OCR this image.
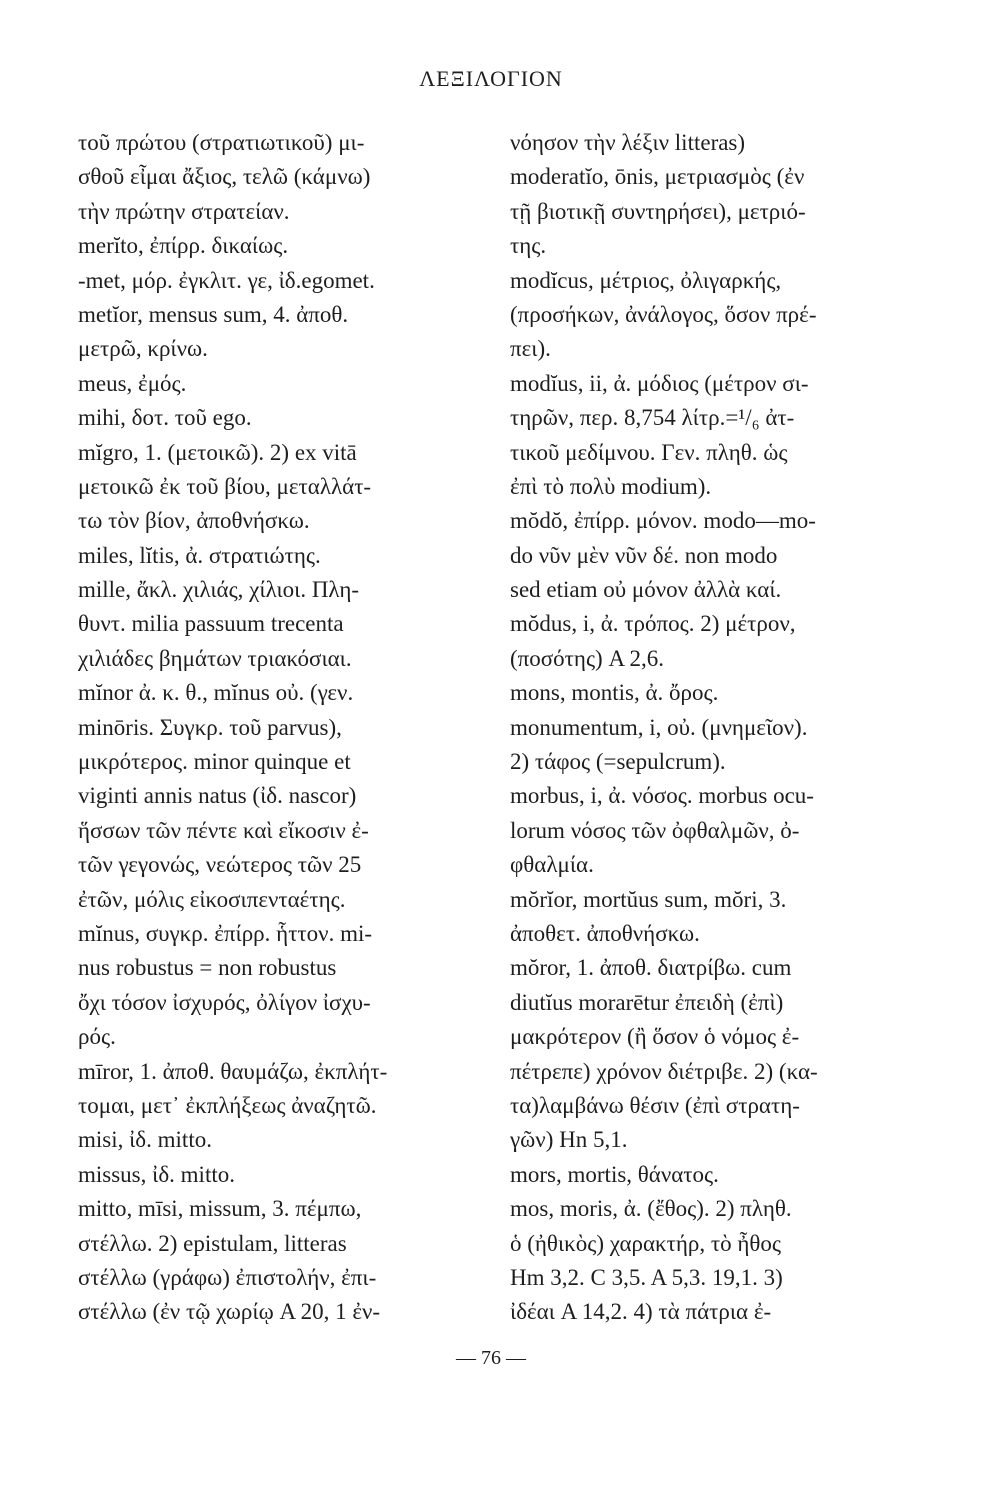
ΛΕΞΙΛΟΓΙΟΝ
τοῦ πρώτου (στρατιωτικοῦ) μι-
σθοῦ εἶμαι ἄξιος, τελῶ (κάμνω)
τὴν πρώτην στρατείαν.
merĭto, ἐπίρρ. δικαίως.
-met, μόρ. ἐγκλιτ. γε, ἰδ.egomet.
metĭor, mensus sum, 4. ἀποθ.
μετρῶ, κρίνω.
meus, ἐμός.
mihi, δοτ. τοῦ ego.
mĭgro, 1. (μετοικῶ). 2) ex vitā
μετοικῶ ἐκ τοῦ βίου, μεταλλάτ-
τω τὸν βίον, ἀποθνήσκω.
miles, lĭtis, ἀ. στρατιώτης.
mille, ἄκλ. χιλιάς, χίλιοι. Πλη-
θυντ. milia passuum trecenta
χιλιάδες βημάτων τριακόσιαι.
mĭnor ἀ. κ. θ., mĭnus οὐ. (γεν.
minōris. Συγκρ. τοῦ parvus),
μικρότερος. minor quinque et
viginti annis natus (ἰδ. nascor)
ἥσσων τῶν πέντε καὶ εἴκοσιν ἐ-
τῶν γεγονώς, νεώτερος τῶν 25
ἐτῶν, μόλις εἰκοσιπενταέτης.
mĭnus, συγκρ. ἐπίρρ. ἧττον. mi-
nus robustus = non robustus
ὄχι τόσον ἰσχυρός, ὀλίγον ἰσχυ-
ρός.
mīror, 1. ἀποθ. θαυμάζω, ἐκπλήτ-
τομαι, μετ᾽ ἐκπλήξεως ἀναζητῶ.
misi, ἰδ. mitto.
missus, ἰδ. mitto.
mitto, mīsi, missum, 3. πέμπω,
στέλλω. 2) epistulam, litteras
στέλλω (γράφω) ἐπιστολήν, ἐπι-
στέλλω (ἐν τῷ χωρίῳ A 20, 1 ἐν-
νόησον τὴν λέξιν litteras)
moderatĭo, ōnis, μετριασμὸς (ἐν
τῇ βιοτικῇ συντηρήσει), μετριό-
της.
modĭcus, μέτριος, ὀλιγαρκής,
(προσήκων, ἀνάλογος, ὅσον πρέ-
πει).
modĭus, ii, ἀ. μόδιος (μέτρον σι-
τηρῶν, περ. 8,754 λίτρ.=¹/₆ ἀτ-
τικοῦ μεδίμνου. Γεν. πληθ. ὡς
ἐπὶ τὸ πολὺ modium).
mŏdŏ, ἐπίρρ. μόνον. modo—mo-
do νῦν μὲν νῦν δέ. non modo
sed etiam οὐ μόνον ἀλλὰ καί.
mŏdus, i, ἀ. τρόπος. 2) μέτρον,
(ποσότης) A 2,6.
mons, montis, ἀ. ὄρος.
monumentum, i, οὐ. (μνημεῖον).
2) τάφος (=sepulcrum).
morbus, i, ἀ. νόσος. morbus ocu-
lorum νόσος τῶν ὀφθαλμῶν, ὀ-
φθαλμία.
mŏrĭor, mortŭus sum, mŏri, 3.
ἀποθετ. ἀποθνήσκω.
mŏror, 1. ἀποθ. διατρίβω. cum
diutĭus morarētur ἐπειδὴ (ἐπὶ)
μακρότερον (ἢ ὅσον ὁ νόμος ἐ-
πέτρεπε) χρόνον διέτριβε. 2) (κα-
τα)λαμβάνω θέσιν (ἐπὶ στρατη-
γῶν) Hn 5,1.
mors, mortis, θάνατος.
mos, moris, ἀ. (ἔθος). 2) πληθ.
ὁ (ἠθικὸς) χαρακτήρ, τὸ ἦθος
Hm 3,2. C 3,5. A 5,3. 19,1. 3)
ἰδέαι A 14,2. 4) τὰ πάτρια ἐ-
— 76 —
